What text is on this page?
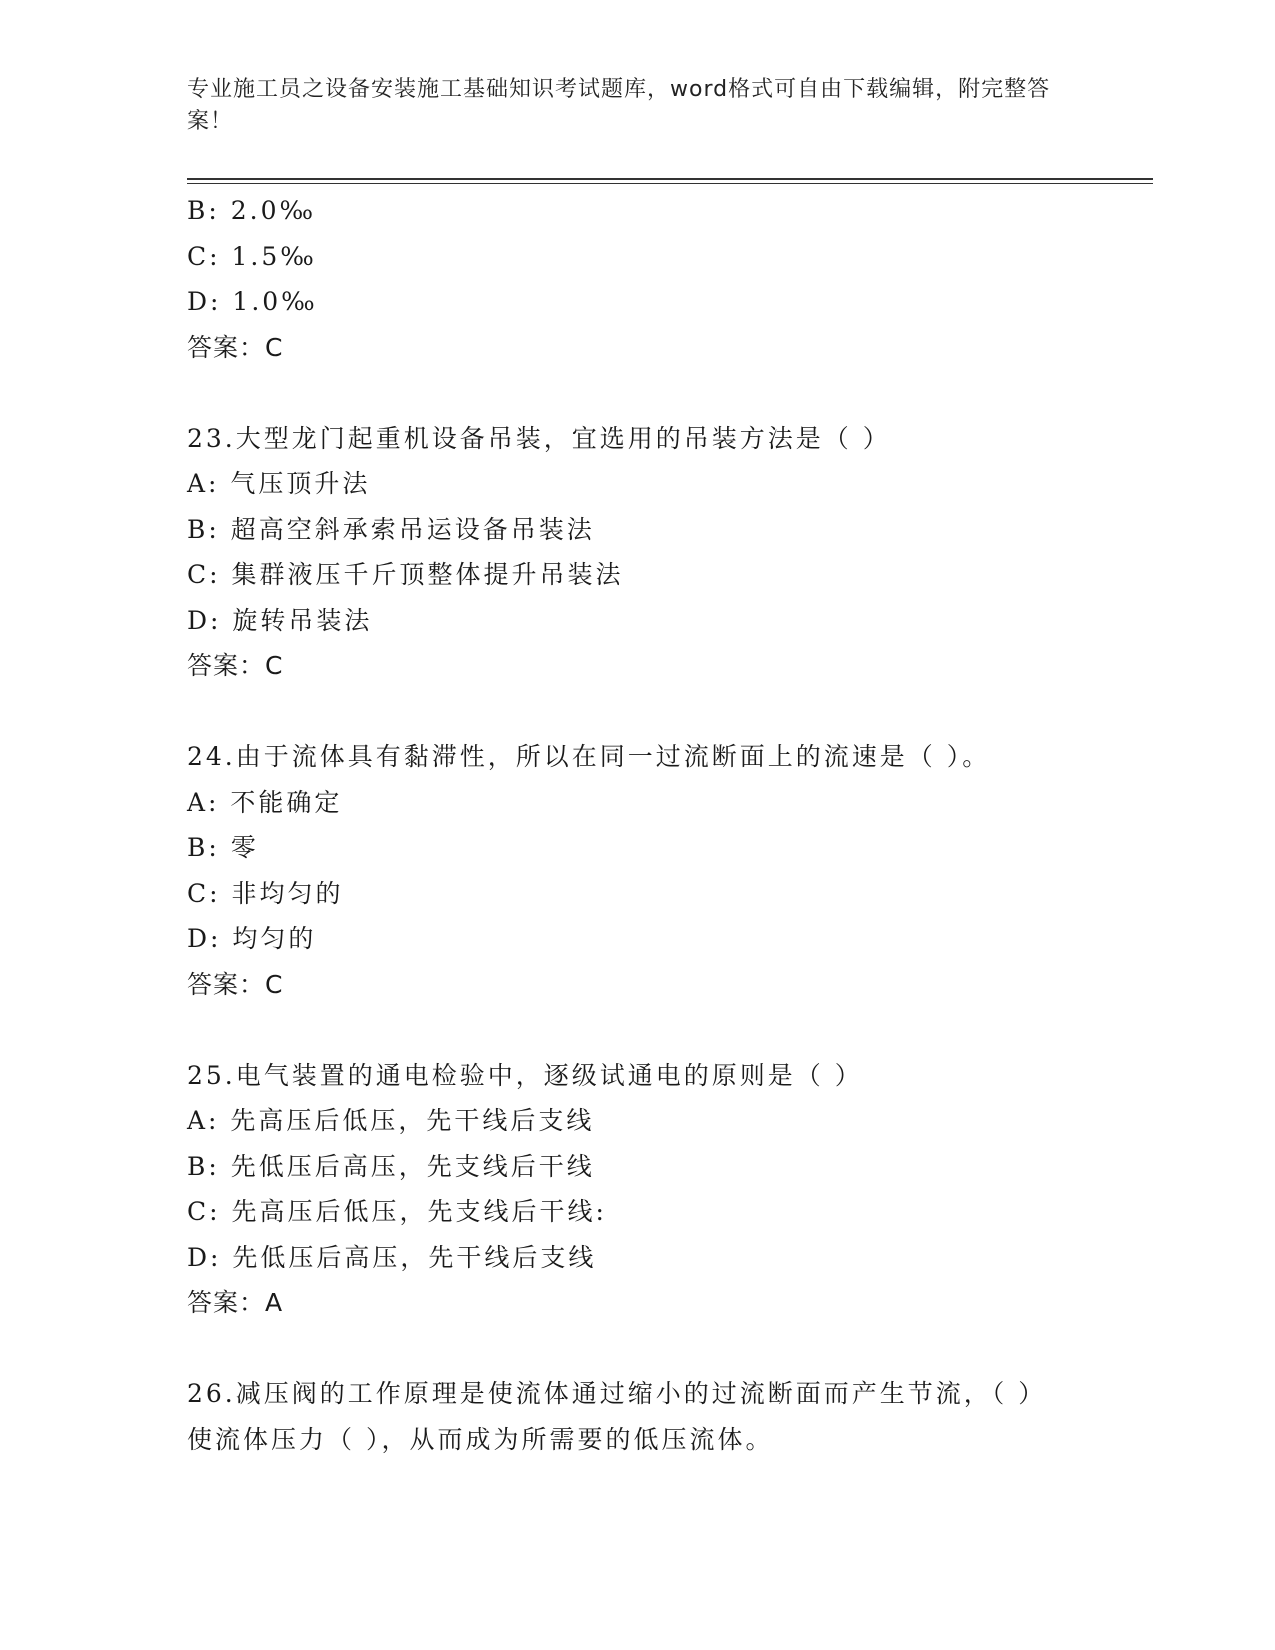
专业施工员之设备安装施工基础知识考试题库，word格式可自由下载编辑，附完整答案！
B: 2.0‰
C: 1.5‰
D: 1.0‰
答案：C
23.大型龙门起重机设备吊装，宜选用的吊装方法是（ ）
A: 气压顶升法
B: 超高空斜承索吊运设备吊装法
C: 集群液压千斤顶整体提升吊装法
D: 旋转吊装法
答案：C
24.由于流体具有黏滞性，所以在同一过流断面上的流速是（ ）。
A: 不能确定
B: 零
C: 非均匀的
D: 均匀的
答案：C
25.电气装置的通电检验中，逐级试通电的原则是（ ）
A: 先高压后低压，先干线后支线
B: 先低压后高压，先支线后干线
C: 先高压后低压，先支线后干线:
D: 先低压后高压，先干线后支线
答案：A
26.减压阀的工作原理是使流体通过缩小的过流断面而产生节流，（ ）使流体压力（ ），从而成为所需要的低压流体。
